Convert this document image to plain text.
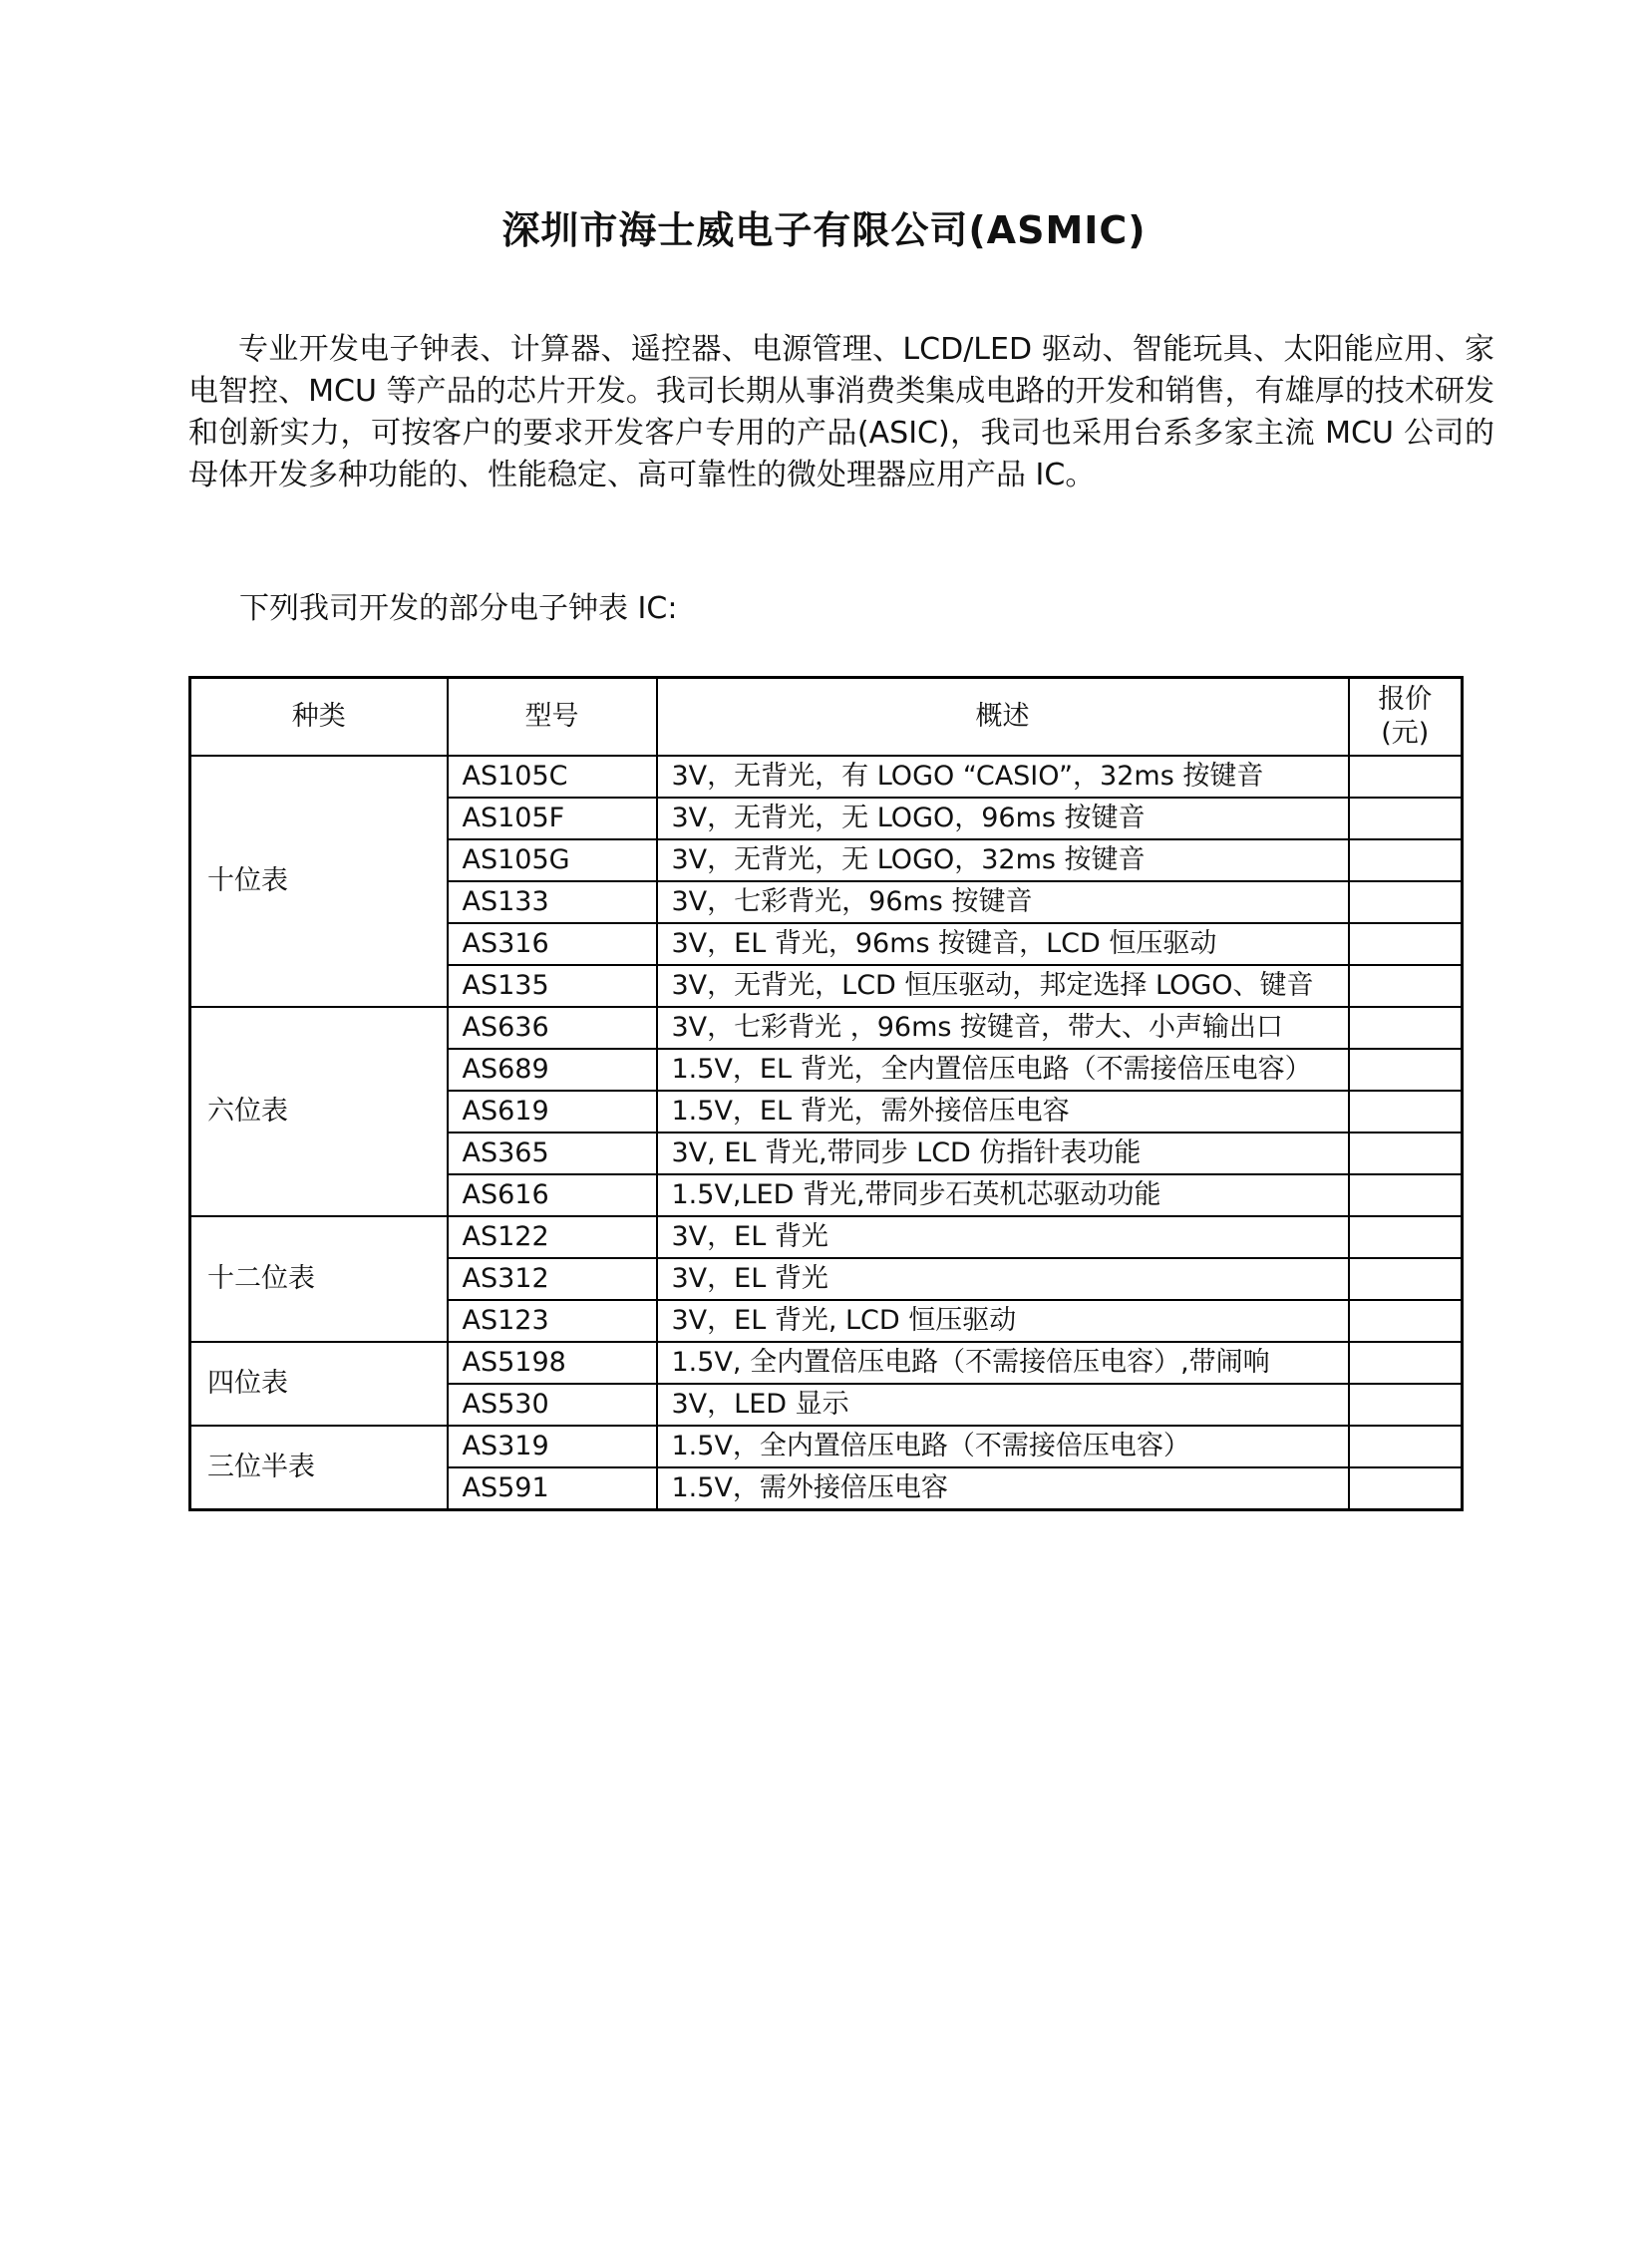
深圳市海士威电子有限公司(ASMIC)
专业开发电子钟表、计算器、遥控器、电源管理、LCD/LED 驱动、智能玩具、太阳能应用、家电智控、MCU 等产品的芯片开发。我司长期从事消费类集成电路的开发和销售，有雄厚的技术研发和创新实力，可按客户的要求开发客户专用的产品(ASIC)，我司也采用台系多家主流 MCU 公司的母体开发多种功能的、性能稳定、高可靠性的微处理器应用产品 IC。
下列我司开发的部分电子钟表 IC:
种类	型号	概述	报价
(元)
十位表	AS105C	3V，无背光，有 LOGO “CASIO”，32ms 按键音	
	AS105F	3V，无背光，无 LOGO，96ms 按键音	
	AS105G	3V，无背光，无 LOGO，32ms 按键音	
	AS133	3V，七彩背光，96ms 按键音	
	AS316	3V，EL 背光，96ms 按键音，LCD 恒压驱动	
	AS135	3V，无背光，LCD 恒压驱动，邦定选择 LOGO、键音	
六位表	AS636	3V，七彩背光 ，96ms 按键音，带大、小声输出口	
	AS689	1.5V，EL 背光，全内置倍压电路（不需接倍压电容）	
	AS619	1.5V，EL 背光，需外接倍压电容	
	AS365	3V, EL 背光,带同步 LCD 仿指针表功能	
	AS616	1.5V,LED 背光,带同步石英机芯驱动功能	
十二位表	AS122	3V，EL 背光	
	AS312	3V，EL 背光	
	AS123	3V，EL 背光, LCD 恒压驱动	
四位表	AS5198	1.5V, 全内置倍压电路（不需接倍压电容）,带闹响	
	AS530	3V，LED 显示	
三位半表	AS319	1.5V，全内置倍压电路（不需接倍压电容）	
	AS591	1.5V，需外接倍压电容	
